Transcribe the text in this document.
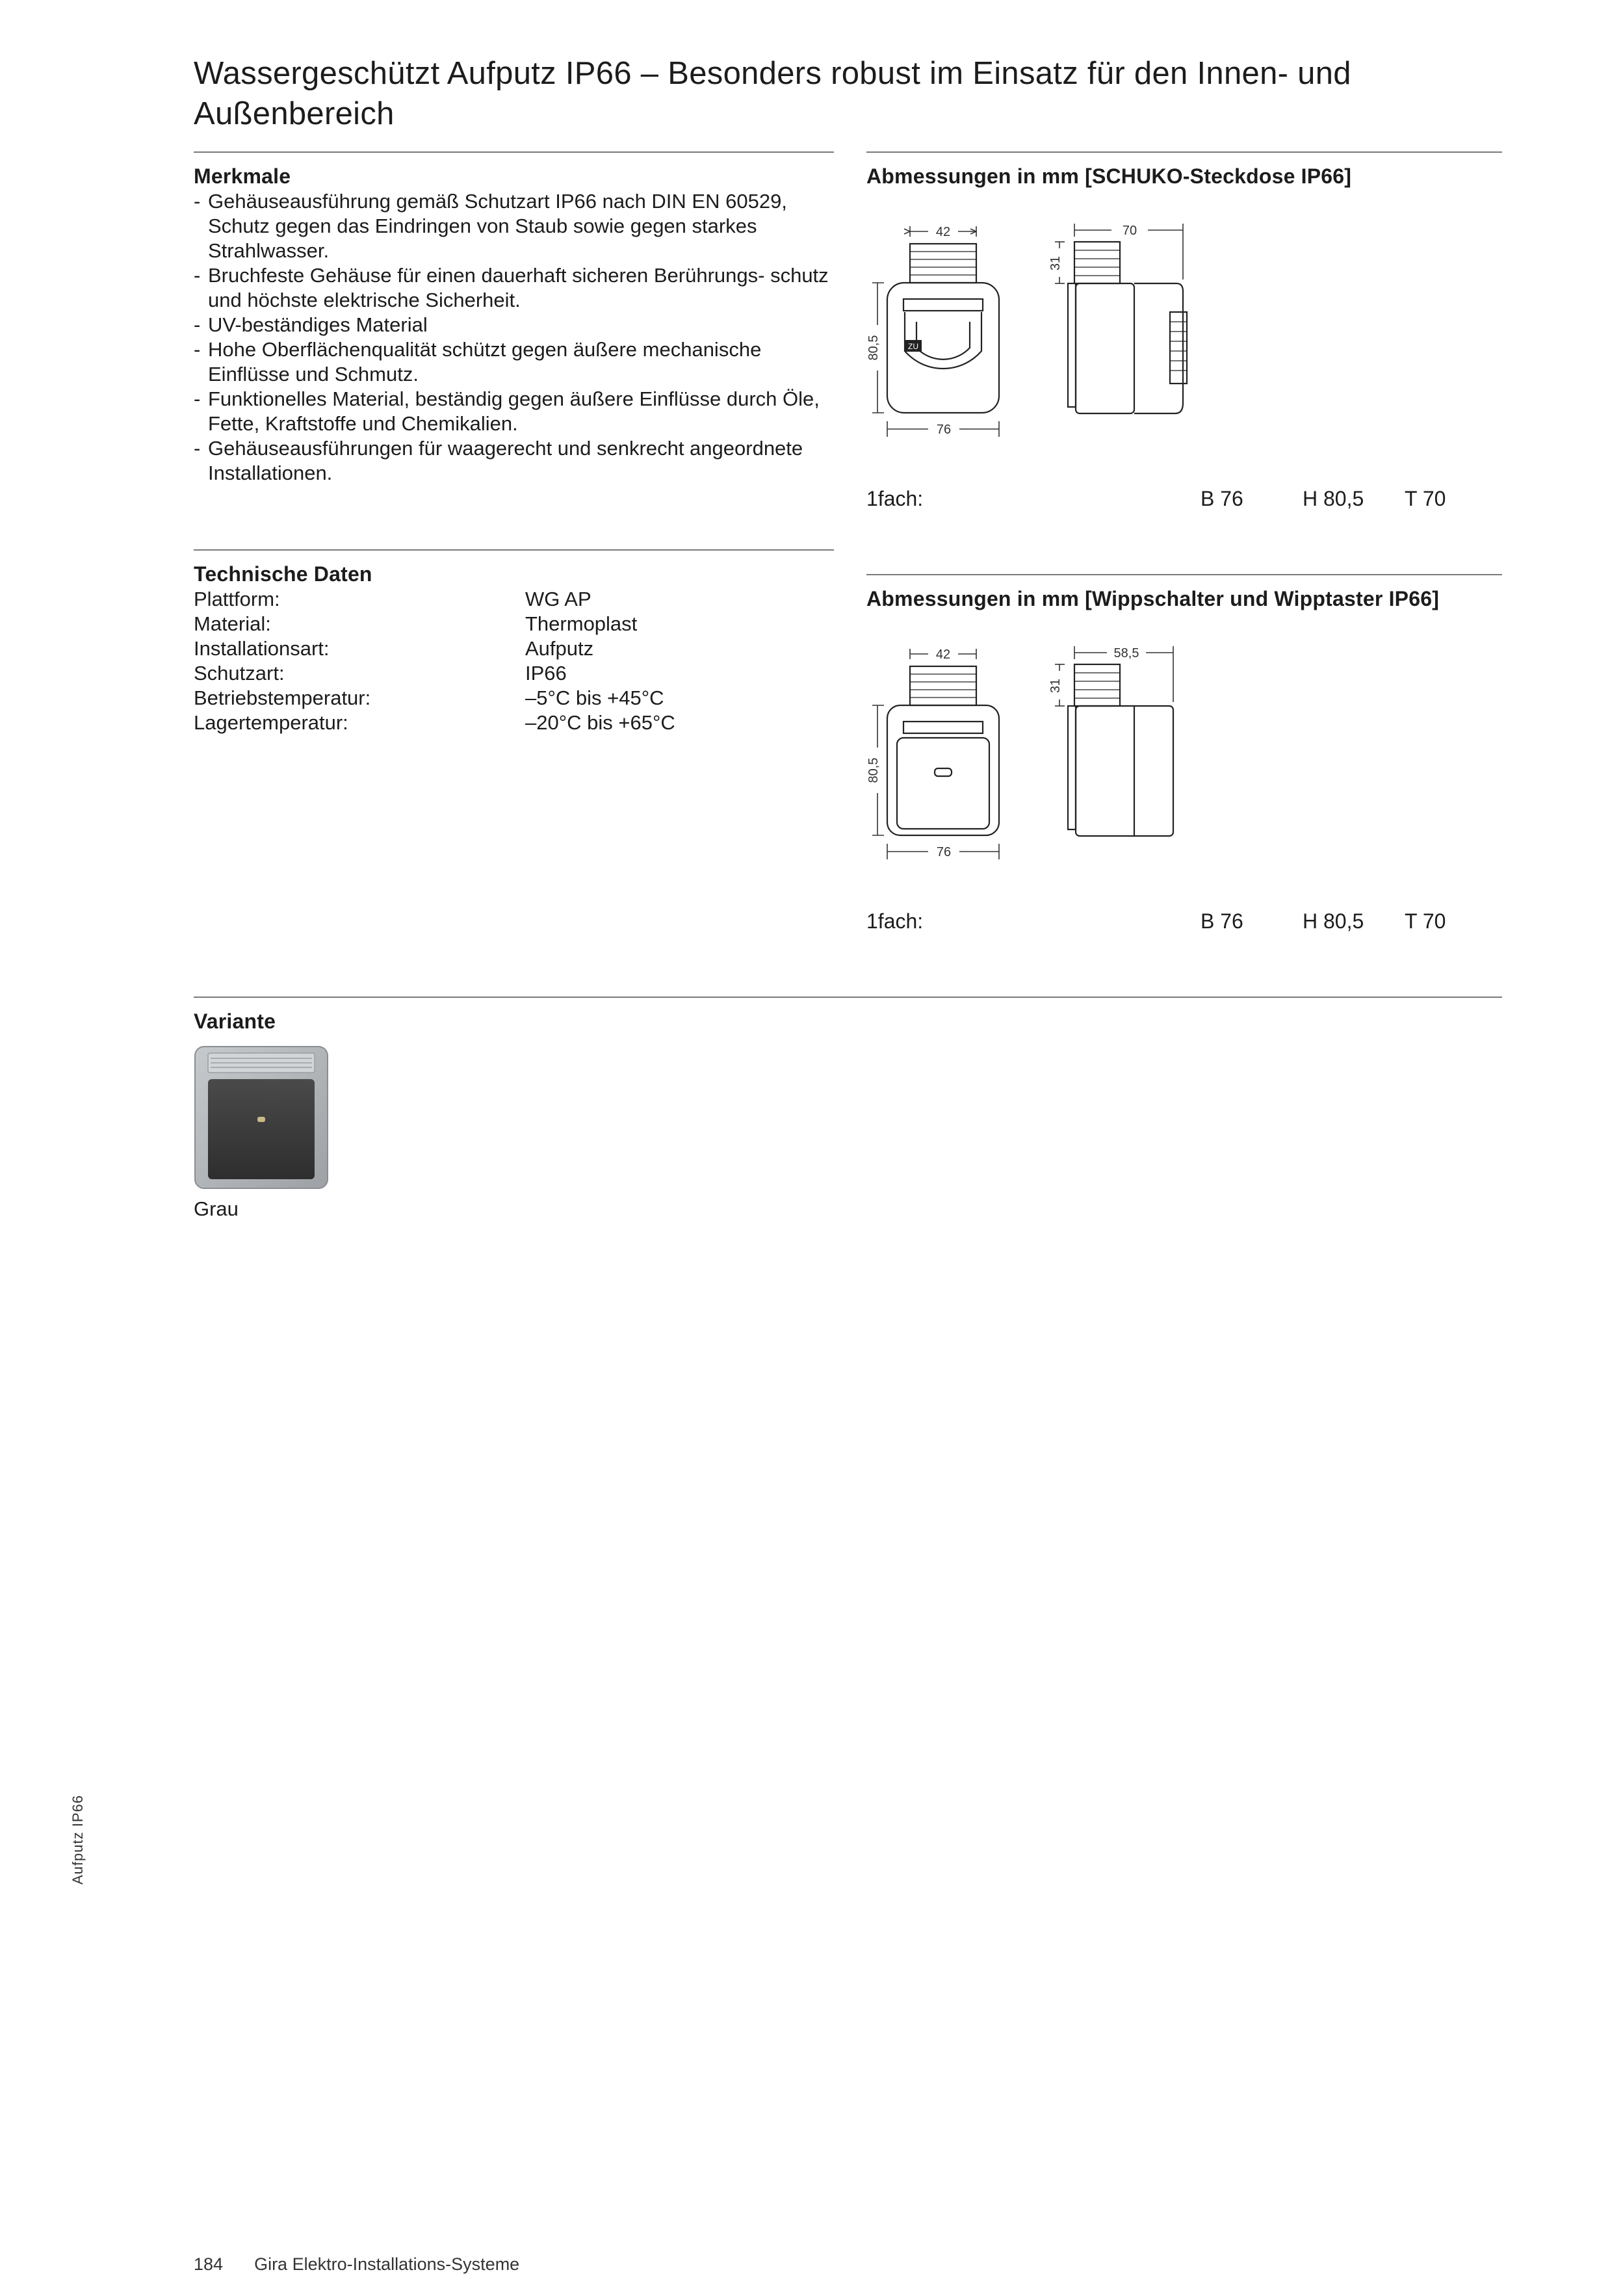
Wassergeschützt Aufputz IP66 – Besonders robust im Einsatz für den Innen- und Außenbereich
Merkmale
- Gehäuseausführung gemäß Schutzart IP66 nach DIN EN 60529, Schutz gegen das Eindringen von Staub sowie gegen starkes Strahlwasser.
- Bruchfeste Gehäuse für einen dauerhaft sicheren Berührungs- schutz und höchste elektrische Sicherheit.
- UV-beständiges Material
- Hohe Oberflächenqualität schützt gegen äußere mechanische Einflüsse und Schmutz.
- Funktionelles Material, beständig gegen äußere Einflüsse durch Öle, Fette, Kraftstoffe und Chemikalien.
- Gehäuseausführungen für waagerecht und senkrecht angeordnete Installationen.
Technische Daten
Plattform:	WG AP
Material:	Thermoplast
Installationsart:	Aufputz
Schutzart:	IP66
Betriebstemperatur:	–5°C bis +45°C
Lagertemperatur:	–20°C bis +65°C
Abmessungen in mm [SCHUKO-Steckdose IP66]
ZU
42
80,5
76
70
31
1fach:	B 76	H 80,5 T 70
Abmessungen in mm [Wippschalter und Wipptaster IP66]
42
80,5
76
58,5
31
1fach:	B 76	H 80,5 T 70
Variante
Grau
Aufputz IP66
184 Gira Elektro-Installations-Systeme
